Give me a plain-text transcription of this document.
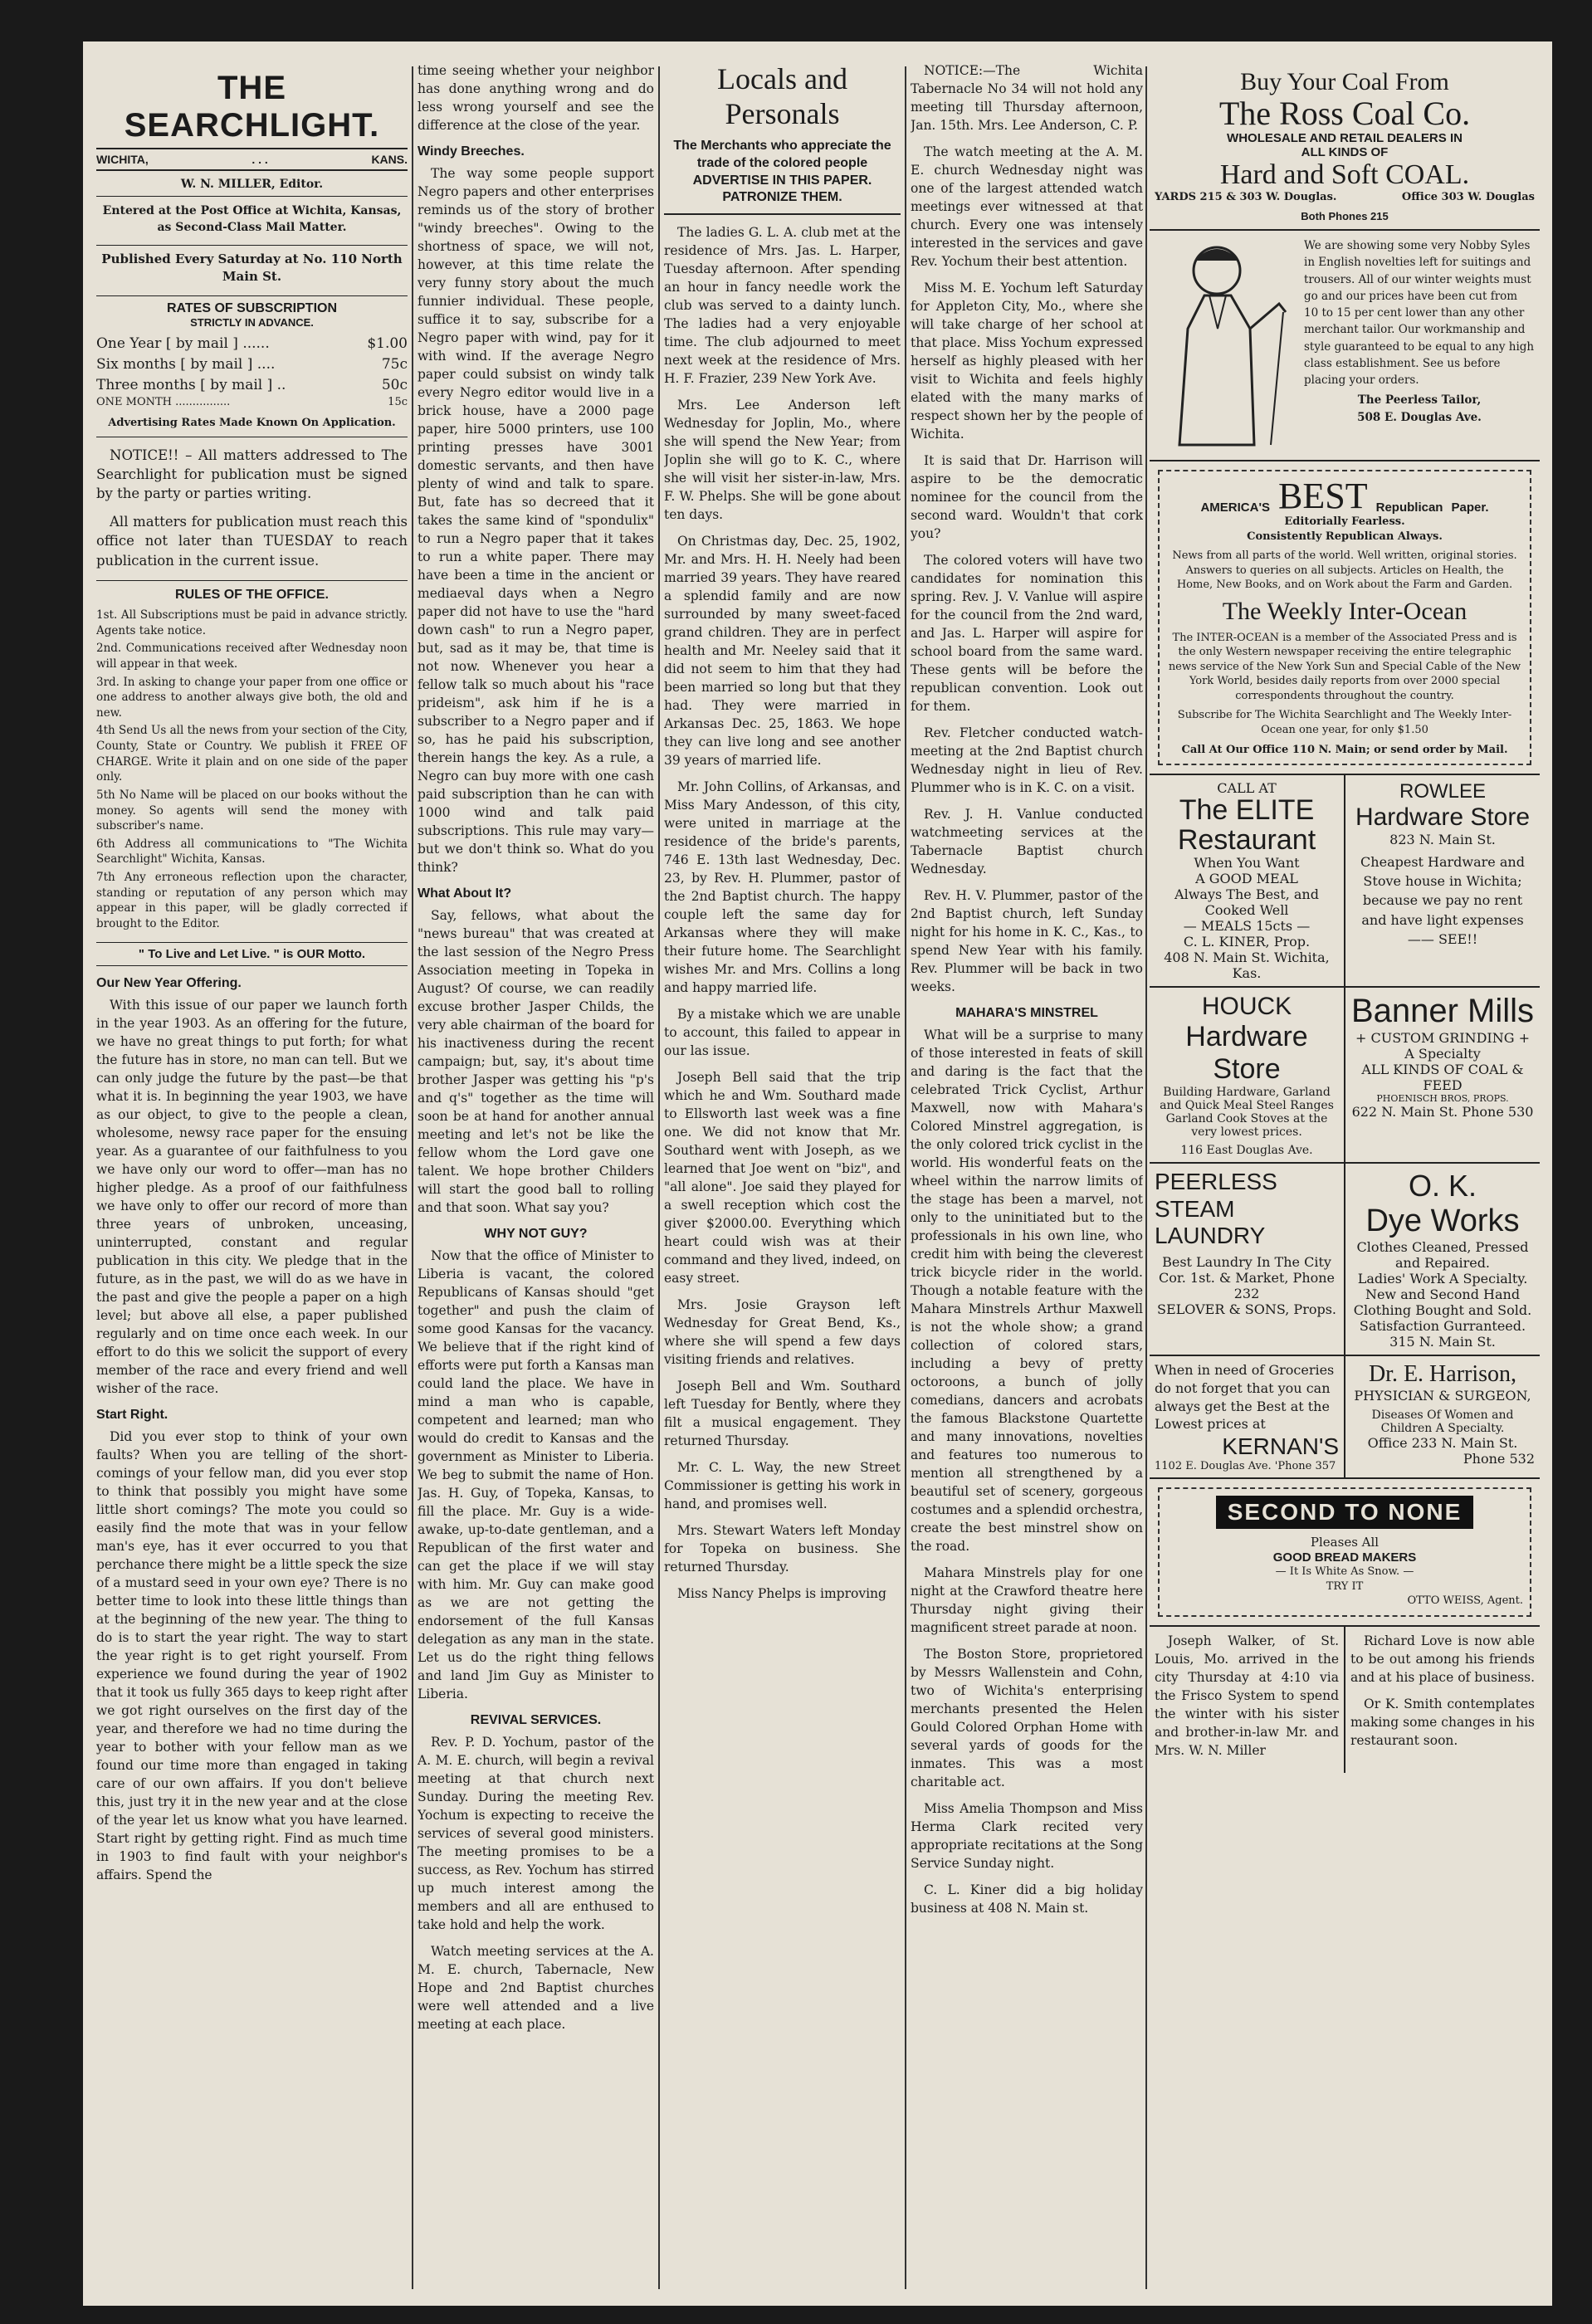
THE SEARCHLIGHT.
WICHITA,	. . .	KANS.
W. N. MILLER, Editor.

Entered at the Post Office at Wichita, Kansas, as Second-Class Mail Matter.

Published Every Saturday at No. 110 North Main St.

RATES OF SUBSCRIPTION
STRICTLY IN ADVANCE.
One Year [ by mail ] ......	$1.00
Six months [ by mail ] ....	75c
Three months [ by mail ] ..	50c
ONE MONTH ................	15c

Advertising Rates Made Known On Application.

NOTICE!! – All matters addressed to The Searchlight for publication must be signed by the party or parties writing.

All matters for publication must reach this office not later than TUESDAY to reach publication in the current issue.

RULES OF THE OFFICE.
1st. All Subscriptions must be paid in advance strictly. Agents take notice.
2nd. Communications received after Wednesday noon will appear in that week.
3rd. In asking to change your paper from one office or one address to another always give both, the old and new.
4th Send Us all the news from your section of the City, County, State or Country. We publish it FREE OF CHARGE. Write it plain and on one side of the paper only.
5th No Name will be placed on our books without the money. So agents will send the money with subscriber's name.
6th Address all communications to "The Wichita Searchlight" Wichita, Kansas.
7th Any erroneous reflection upon the character, standing or reputation of any person which may appear in this paper, will be gladly corrected if brought to the Editor.
" To Live and Let Live. " is OUR Motto.
Our New Year Offering.

With this issue of our paper we launch forth in the year 1903. As an offering for the future, we have no great things to put forth; for what the future has in store, no man can tell. But we can only judge the future by the past—be that what it is. In beginning the year 1903, we have as our object, to give to the people a clean, wholesome, newsy race paper for the ensuing year. As a guarantee of our faithfulness to you we have only our word to offer—man has no higher pledge. As a proof of our faithfulness we have only to offer our record of more than three years of unbroken, unceasing, uninterrupted, constant and regular publication in this city. We pledge that in the future, as in the past, we will do as we have in the past and give the people a paper on a high level; but above all else, a paper published regularly and on time once each week. In our effort to do this we solicit the support of every member of the race and every friend and well wisher of the race.

Start Right.

Did you ever stop to think of your own faults? When you are telling of the short-comings of your fellow man, did you ever stop to think that possibly you might have some little short comings? The mote you could so easily find the mote that was in your fellow man's eye, has it ever occurred to you that perchance there might be a little speck the size of a mustard seed in your own eye? There is no better time to look into these little things than at the beginning of the new year. The thing to do is to start the year right. The way to start the year right is to get right yourself. From experience we found during the year of 1902 that it took us fully 365 days to keep right after we got right ourselves on the first day of the year, and therefore we had no time during the year to bother with your fellow man as we found our time more than engaged in taking care of our own affairs. If you don't believe this, just try it in the new year and at the close of the year let us know what you have learned. Start right by getting right. Find as much time in 1903 to find fault with your neighbor's affairs. Spend the

time seeing whether your neighbor has done anything wrong and do less wrong yourself and see the difference at the close of the year.

Windy Breeches.

The way some people support Negro papers and other enterprises reminds us of the story of brother "windy breeches". Owing to the shortness of space, we will not, however, at this time relate the very funny story about the much funnier individual. These people, suffice it to say, subscribe for a Negro paper with wind, pay for it with wind. If the average Negro paper could subsist on windy talk every Negro editor would live in a brick house, have a 2000 page paper, hire 5000 printers, use 100 printing presses have 3001 domestic servants, and then have plenty of wind and talk to spare. But, fate has so decreed that it takes the same kind of "spondulix" to run a Negro paper that it takes to run a white paper. There may have been a time in the ancient or mediaeval days when a Negro paper did not have to use the "hard down cash" to run a Negro paper, but, sad as it may be, that time is not now. Whenever you hear a fellow talk so much about his "race prideism", ask him if he is a subscriber to a Negro paper and if so, has he paid his subscription, therein hangs the key. As a rule, a Negro can buy more with one cash paid subscription than he can with 1000 wind and talk paid subscriptions. This rule may vary—but we don't think so. What do you think?

What About It?

Say, fellows, what about the "news bureau" that was created at the last session of the Negro Press Association meeting in Topeka in August? Of course, we can readily excuse brother Jasper Childs, the very able chairman of the board for his inactiveness during the recent campaign; but, say, it's about time brother Jasper was getting his "p's and q's" together as the time will soon be at hand for another annual meeting and let's not be like the fellow whom the Lord gave one talent. We hope brother Childers will start the good ball to rolling and that soon. What say you?

WHY NOT GUY?

Now that the office of Minister to Liberia is vacant, the colored Republicans of Kansas should "get together" and push the claim of some good Kansas for the vacancy. We believe that if the right kind of efforts were put forth a Kansas man could land the place. We have in mind a man who is capable, competent and learned; man who would do credit to Kansas and the government as Minister to Liberia. We beg to submit the name of Hon. Jas. H. Guy, of Topeka, Kansas, to fill the place. Mr. Guy is a wide-awake, up-to-date gentleman, and a Republican of the first water and can get the place if we will stay with him. Mr. Guy can make good as we are not getting the endorsement of the full Kansas delegation as any man in the state. Let us do the right thing fellows and land Jim Guy as Minister to Liberia.

REVIVAL SERVICES.

Rev. P. D. Yochum, pastor of the A. M. E. church, will begin a revival meeting at that church next Sunday. During the meeting Rev. Yochum is expecting to receive the services of several good ministers. The meeting promises to be a success, as Rev. Yochum has stirred up much interest among the members and all are enthused to take hold and help the work.

Watch meeting services at the A. M. E. church, Tabernacle, New Hope and 2nd Baptist churches were well attended and a live meeting at each place.

Locals and Personals
The Merchants who appreciate the trade of the colored people ADVERTISE IN THIS PAPER. PATRONIZE THEM.

The ladies G. L. A. club met at the residence of Mrs. Jas. L. Harper, Tuesday afternoon. After spending an hour in fancy needle work the club was served to a dainty lunch. The ladies had a very enjoyable time. The club adjourned to meet next week at the residence of Mrs. H. F. Frazier, 239 New York Ave.

Mrs. Lee Anderson left Wednesday for Joplin, Mo., where she will spend the New Year; from Joplin she will go to K. C., where she will visit her sister-in-law, Mrs. F. W. Phelps. She will be gone about ten days.

On Christmas day, Dec. 25, 1902, Mr. and Mrs. H. H. Neely had been married 39 years. They have reared a splendid family and are now surrounded by many sweet-faced grand children. They are in perfect health and Mr. Neeley said that it did not seem to him that they had been married so long but that they had. They were married in Arkansas Dec. 25, 1863. We hope they can live long and see another 39 years of married life.

Mr. John Collins, of Arkansas, and Miss Mary Andesson, of this city, were united in marriage at the residence of the bride's parents, 746 E. 13th last Wednesday, Dec. 23, by Rev. H. Plummer, pastor of the 2nd Baptist church. The happy couple left the same day for Arkansas where they will make their future home. The Searchlight wishes Mr. and Mrs. Collins a long and happy married life.

By a mistake which we are unable to account, this failed to appear in our las issue.

Joseph Bell said that the trip which he and Wm. Southard made to Ellsworth last week was a fine one. We did not know that Mr. Southard went with Joseph, as we learned that Joe went on "biz", and "all alone". Joe said they played for a swell reception which cost the giver $2000.00. Everything which heart could wish was at their command and they lived, indeed, on easy street.

Mrs. Josie Grayson left Wednesday for Great Bend, Ks., where she will spend a few days visiting friends and relatives.

Joseph Bell and Wm. Southard left Tuesday for Bently, where they filt a musical engagement. They returned Thursday.

Mr. C. L. Way, the new Street Commissioner is getting his work in hand, and promises well.

Mrs. Stewart Waters left Monday for Topeka on business. She returned Thursday.

Miss Nancy Phelps is improving

NOTICE:—The Wichita Tabernacle No 34 will not hold any meeting till Thursday afternoon, Jan. 15th. Mrs. Lee Anderson, C. P.

The watch meeting at the A. M. E. church Wednesday night was one of the largest attended watch meetings ever witnessed at that church. Every one was intensely interested in the services and gave Rev. Yochum their best attention.

Miss M. E. Yochum left Saturday for Appleton City, Mo., where she will take charge of her school at that place. Miss Yochum expressed herself as highly pleased with her visit to Wichita and feels highly elated with the many marks of respect shown her by the people of Wichita.

It is said that Dr. Harrison will aspire to be the democratic nominee for the council from the second ward. Wouldn't that cork you?

The colored voters will have two candidates for nomination this spring. Rev. J. V. Vanlue will aspire for the council from the 2nd ward, and Jas. L. Harper will aspire for school board from the same ward. These gents will be before the republican convention. Look out for them.

Rev. Fletcher conducted watch-meeting at the 2nd Baptist church Wednesday night in lieu of Rev. Plummer who is in K. C. on a visit.

Rev. J. H. Vanlue conducted watchmeeting services at the Tabernacle Baptist church Wednesday.

Rev. H. V. Plummer, pastor of the 2nd Baptist church, left Sunday night for his home in K. C., Kas., to spend New Year with his family. Rev. Plummer will be back in two weeks.

MAHARA'S MINSTREL

What will be a surprise to many of those interested in feats of skill and daring is the fact that the celebrated Trick Cyclist, Arthur Maxwell, now with Mahara's Colored Minstrel aggregation, is the only colored trick cyclist in the world. His wonderful feats on the wheel within the narrow limits of the stage has been a marvel, not only to the uninitiated but to the professionals in his own line, who credit him with being the cleverest trick bicycle rider in the world. Though a notable feature with the Mahara Minstrels Arthur Maxwell is not the whole show; a grand collection of colored stars, including a bevy of pretty octoroons, a bunch of jolly comedians, dancers and acrobats the famous Blackstone Quartette and many innovations, novelties and features too numerous to mention all strengthened by a beautiful set of scenery, gorgeous costumes and a splendid orchestra, create the best minstrel show on the road.

Mahara Minstrels play for one night at the Crawford theatre here Thursday night giving their magnificent street parade at noon.

The Boston Store, proprietored by Messrs Wallenstein and Cohn, two of Wichita's enterprising merchants presented the Helen Gould Colored Orphan Home with several yards of goods for the inmates. This was a most charitable act.

Miss Amelia Thompson and Miss Herma Clark recited very appropriate recitations at the Song Service Sunday night.

C. L. Kiner did a big holiday business at 408 N. Main st.

Buy Your Coal From
The Ross Coal Co.
WHOLESALE AND RETAIL DEALERS IN
ALL KINDS OF
Hard and Soft COAL.
YARDS 215 & 303 W. Douglas.	Office 303 W. Douglas
Both Phones 215
We are showing some very Nobby Syles in English novelties left for suitings and trousers. All of our winter weights must go and our prices have been cut from 10 to 15 per cent lower than any other merchant tailor. Our workmanship and style guaranteed to be equal to any high class establishment. See us before placing your orders.
The Peerless Tailor,
508 E. Douglas Ave.
AMERICA'S BEST Republican Paper.
Editorially Fearless.
Consistently Republican Always.
News from all parts of the world. Well written, original stories. Answers to queries on all subjects. Articles on Health, the Home, New Books, and on Work about the Farm and Garden.
The Weekly Inter-Ocean
The INTER-OCEAN is a member of the Associated Press and is the only Western newspaper receiving the entire telegraphic news service of the New York Sun and Special Cable of the New York World, besides daily reports from over 2000 special correspondents throughout the country.
Subscribe for The Wichita Searchlight and The Weekly Inter-Ocean one year, for only $1.50
Call At Our Office 110 N. Main; or send order by Mail.
CALL AT
The ELITE
Restaurant
When You Want
A GOOD MEAL
Always The Best, and Cooked Well
— MEALS 15cts —
C. L. KINER, Prop.
408 N. Main St. Wichita, Kas.
ROWLEE
Hardware Store
823 N. Main St.
Cheapest Hardware and Stove house in Wichita; because we pay no rent and have light expenses —— SEE!!
HOUCK
Hardware Store
Building Hardware, Garland and Quick Meal Steel Ranges Garland Cook Stoves at the very lowest prices.
116 East Douglas Ave.
Banner Mills
+ CUSTOM GRINDING +
A Specialty
ALL KINDS OF COAL & FEED
PHOENISCH BROS, PROPS.
622 N. Main St. Phone 530
PEERLESS STEAM LAUNDRY
Best Laundry In The City
Cor. 1st. & Market, Phone 232
SELOVER & SONS, Props.
O. K.
Dye Works
Clothes Cleaned, Pressed and Repaired.
Ladies' Work A Specialty.
New and Second Hand Clothing Bought and Sold. Satisfaction Gurranteed.
315 N. Main St.
When in need of Groceries do not forget that you can always get the Best at the Lowest prices at
KERNAN'S
1102 E. Douglas Ave. 'Phone 357
Dr. E. Harrison,
PHYSICIAN & SURGEON,
Diseases Of Women and Children A Specialty.
Office 233 N. Main St.
Phone 532
SECOND TO NONE
Pleases All
GOOD BREAD MAKERS
— It Is White As Snow. —
TRY IT
OTTO WEISS, Agent.

Joseph Walker, of St. Louis, Mo. arrived in the city Thursday at 4:10 via the Frisco System to spend the winter with his sister and brother-in-law Mr. and Mrs. W. N. Miller

Richard Love is now able to be out among his friends and at his place of business.

Or K. Smith contemplates making some changes in his restaurant soon.
